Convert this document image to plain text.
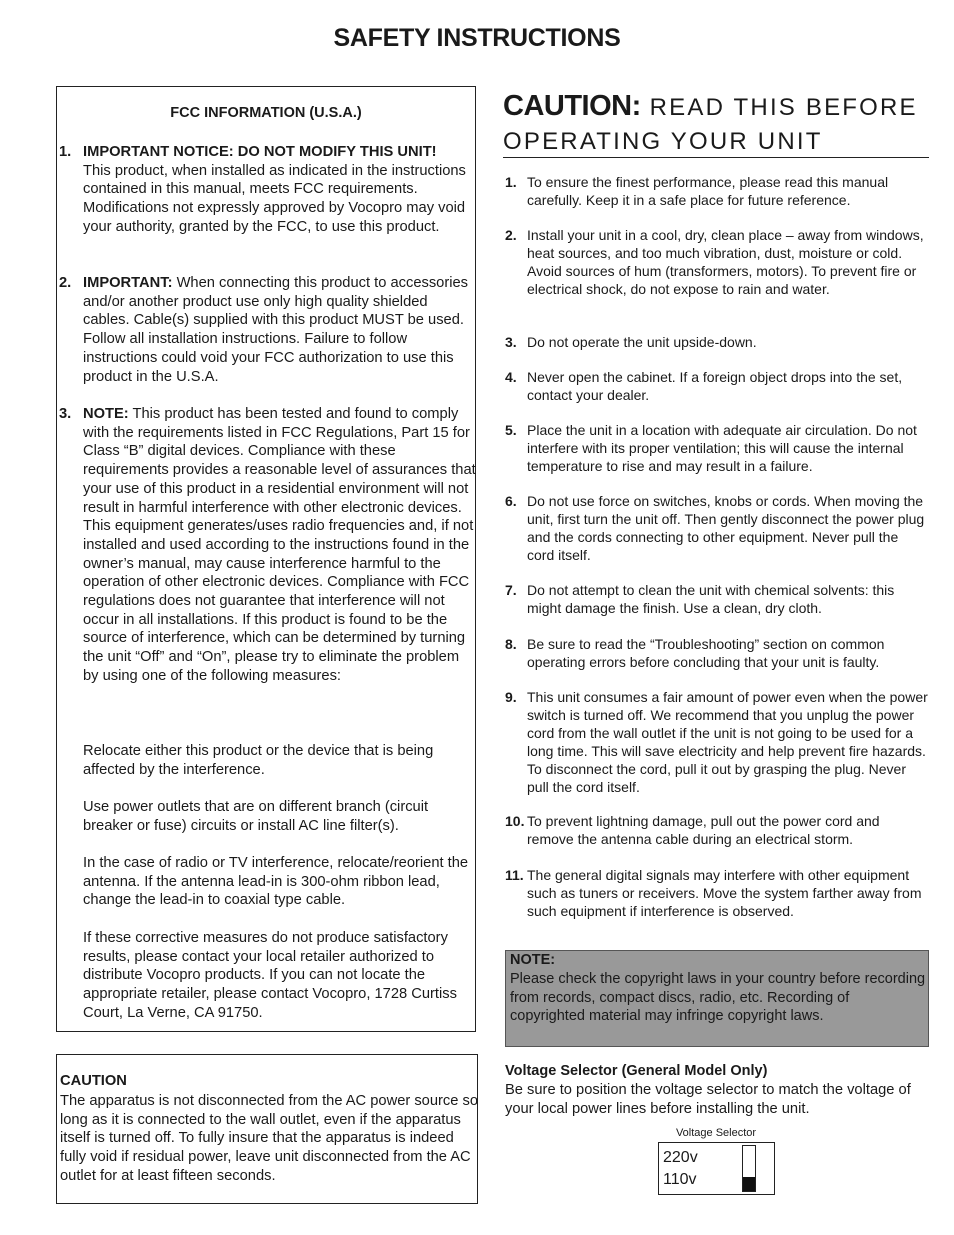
SAFETY INSTRUCTIONS
FCC INFORMATION (U.S.A.)
1. IMPORTANT NOTICE: DO NOT MODIFY THIS UNIT!
This product, when installed as indicated in the instructions contained in this manual, meets FCC requirements. Modifications not expressly approved by Vocopro may void your authority, granted by the FCC, to use this product.
2. IMPORTANT: When connecting this product to accessories and/or another product use only high quality shielded cables. Cable(s) supplied with this product MUST be used. Follow all installation instructions. Failure to follow instructions could void your FCC authorization to use this product in the U.S.A.
3. NOTE: This product has been tested and found to comply with the requirements listed in FCC Regulations, Part 15 for Class “B” digital devices. Compliance with these requirements provides a reasonable level of assurances that your use of this product in a residential environment will not result in harmful interference with other electronic devices. This equipment generates/uses radio frequencies and, if not installed and used according to the instructions found in the owner’s manual, may cause interference harmful to the operation of other electronic devices. Compliance with FCC regulations does not guarantee that interference will not occur in all installations. If this product is found to be the source of interference, which can be determined by turning the unit “Off” and “On”, please try to eliminate the problem by using one of the following measures:
Relocate either this product or the device that is being affected by the interference.
Use power outlets that are on different branch (circuit breaker or fuse) circuits or install AC line filter(s).
In the case of radio or TV interference, relocate/reorient the antenna. If the antenna lead-in is 300-ohm ribbon lead, change the lead-in to coaxial type cable.
If these corrective measures do not produce satisfactory results, please contact your local retailer authorized to distribute Vocopro products. If you can not locate the appropriate retailer, please contact Vocopro, 1728 Curtiss Court, La Verne, CA 91750.
CAUTION
The apparatus is not disconnected from the AC power source so long as it is connected to the wall outlet, even if the apparatus itself is turned off. To fully insure that the apparatus is indeed fully void if residual power, leave unit disconnected from the AC outlet for at least fifteen seconds.
CAUTION: READ THIS BEFORE
OPERATING YOUR UNIT
1. To ensure the finest performance, please read this manual carefully. Keep it in a safe place for future reference.
2. Install your unit in a cool, dry, clean place – away from windows, heat sources, and too much vibration, dust, moisture or cold. Avoid sources of hum (transformers, motors). To prevent fire or electrical shock, do not expose to rain and water.
3. Do not operate the unit upside-down.
4. Never open the cabinet. If a foreign object drops into the set, contact your dealer.
5. Place the unit in a location with adequate air circulation. Do not interfere with its proper ventilation; this will cause the internal temperature to rise and may result in a failure.
6. Do not use force on switches, knobs or cords. When moving the unit, first turn the unit off. Then gently disconnect the power plug and the cords connecting to other equipment. Never pull the cord itself.
7. Do not attempt to clean the unit with chemical solvents: this might damage the finish. Use a clean, dry cloth.
8. Be sure to read the “Troubleshooting” section on common operating errors before concluding that your unit is faulty.
9. This unit consumes a fair amount of power even when the power switch is turned off. We recommend that you unplug the power cord from the wall outlet if the unit is not going to be used for a long time. This will save electricity and help prevent fire hazards. To disconnect the cord, pull it out by grasping the plug. Never pull the cord itself.
10. To prevent lightning damage, pull out the power cord and remove the antenna cable during an electrical storm.
11. The general digital signals may interfere with other equipment such as tuners or receivers. Move the system farther away from such equipment if interference is observed.
NOTE:
Please check the copyright laws in your country before recording from records, compact discs, radio, etc. Recording of copyrighted material may infringe copyright laws.
Voltage Selector (General Model Only)
Be sure to position the voltage selector to match the voltage of your local power lines before installing the unit.
Voltage Selector
220v
110v
